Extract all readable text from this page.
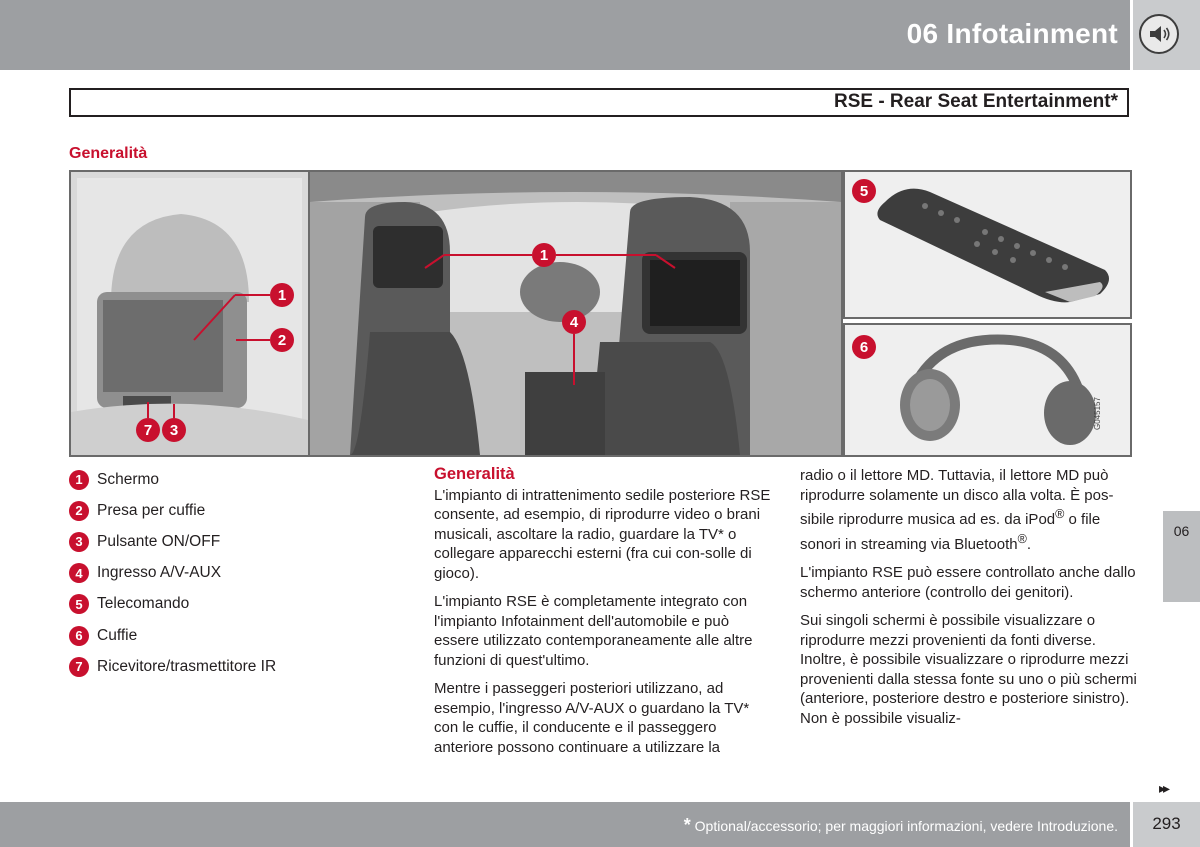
06 Infotainment
RSE - Rear Seat Entertainment*
Generalità
1
2
7	3
1
4
5
6
G045157
1 Schermo
2 Presa per cuffie
3 Pulsante ON/OFF
4 Ingresso A/V-AUX
5 Telecomando
6 Cuffie
7 Ricevitore/trasmettitore IR
Generalità

L'impianto di intrattenimento sedile posteriore RSE consente, ad esempio, di riprodurre video o brani musicali, ascoltare la radio, guardare la TV* o collegare apparecchi esterni (fra cui con-solle di gioco).

L'impianto RSE è completamente integrato con l'impianto Infotainment dell'automobile e può essere utilizzato contemporaneamente alle altre funzioni di quest'ultimo.

Mentre i passeggeri posteriori utilizzano, ad esempio, l'ingresso A/V-AUX o guardano la TV* con le cuffie, il conducente e il passeggero anteriore possono continuare a utilizzare la

radio o il lettore MD. Tuttavia, il lettore MD può riprodurre solamente un disco alla volta. È pos-sibile riprodurre musica ad es. da iPod® o file sonori in streaming via Bluetooth®.

L'impianto RSE può essere controllato anche dallo schermo anteriore (controllo dei genitori).

Sui singoli schermi è possibile visualizzare o riprodurre mezzi provenienti da fonti diverse. Inoltre, è possibile visualizzare o riprodurre mezzi provenienti dalla stessa fonte su uno o più schermi (anteriore, posteriore destro e posteriore sinistro). Non è possibile visualiz-

06
▸▸
* Optional/accessorio; per maggiori informazioni, vedere Introduzione.	293
